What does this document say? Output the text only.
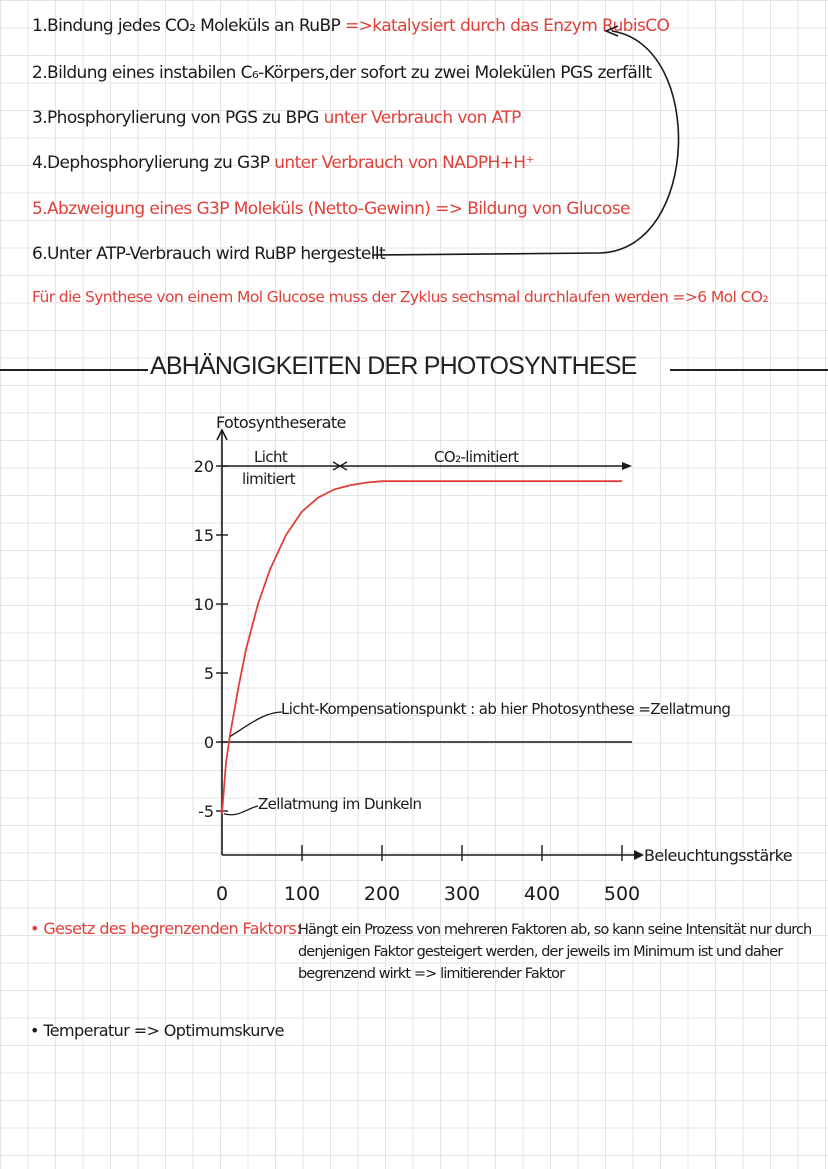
1.Bindung jedes CO₂ Moleküls an RuBP =>katalysiert durch das Enzym RubisCO
2.Bildung eines instabilen C₆-Körpers,der sofort zu zwei Molekülen PGS zerfällt
3.Phosphorylierung von PGS zu BPG unter Verbrauch von ATP
4.Dephosphorylierung zu G3P unter Verbrauch von NADPH+H⁺
5.Abzweigung eines G3P Moleküls (Netto-Gewinn) => Bildung von Glucose
6.Unter ATP-Verbrauch wird RuBP hergestellt
Für die Synthese von einem Mol Glucose muss der Zyklus sechsmal durchlaufen werden =>6 Mol CO₂
ABHÄNGIGKEITEN DER PHOTOSYNTHESE
20
15
10
5
0
-5
0	100 200 300 400 500
Fotosyntheserate
Licht
limitiert
CO₂-limitiert
Licht-Kompensationspunkt : ab hier Photosynthese =Zellatmung
Zellatmung im Dunkeln
Beleuchtungsstärke
• Gesetz des begrenzenden Faktors:
Hängt ein Prozess von mehreren Faktoren ab, so kann seine Intensität nur durch
denjenigen Faktor gesteigert werden, der jeweils im Minimum ist und daher
begrenzend wirkt => limitierender Faktor
• Temperatur => Optimumskurve
